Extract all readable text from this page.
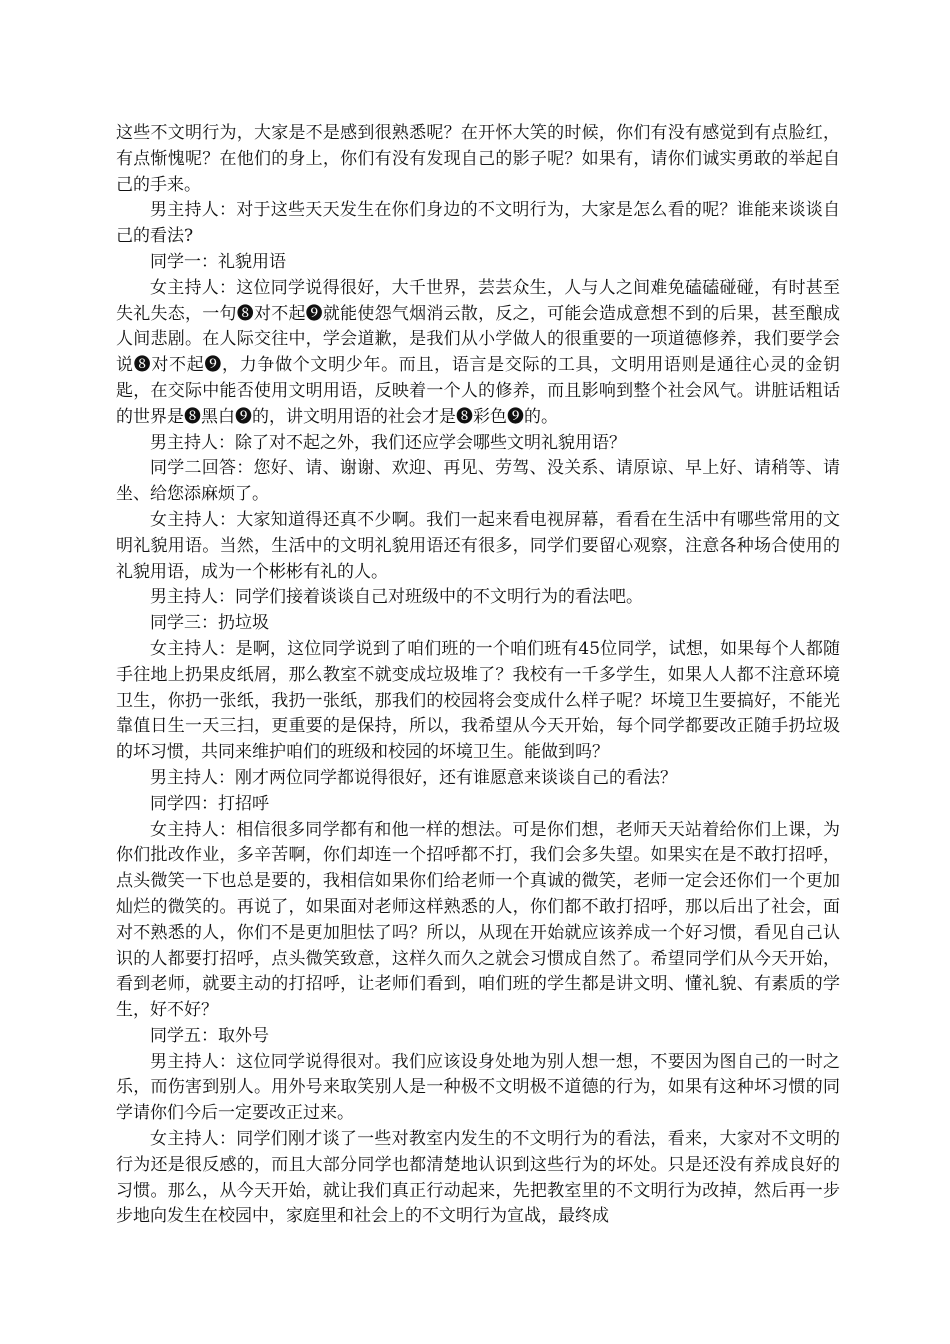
这些不文明行为，大家是不是感到很熟悉呢？在开怀大笑的时候，你们有没有感觉到有点脸红，有点惭愧呢？在他们的身上，你们有没有发现自己的影子呢？如果有，请你们诚实勇敢的举起自己的手来。

男主持人：对于这些天天发生在你们身边的不文明行为，大家是怎么看的呢？谁能来谈谈自己的看法?

同学一：礼貌用语

女主持人：这位同学说得很好，大千世界，芸芸众生，人与人之间难免磕磕碰碰，有时甚至失礼失态，一句❽对不起❾就能使怨气烟消云散，反之，可能会造成意想不到的后果，甚至酿成人间悲剧。在人际交往中，学会道歉，是我们从小学做人的很重要的一项道德修养，我们要学会说❽对不起❾，力争做个文明少年。而且，语言是交际的工具，文明用语则是通往心灵的金钥匙，在交际中能否使用文明用语，反映着一个人的修养，而且影响到整个社会风气。讲脏话粗话的世界是❽黑白❾的，讲文明用语的社会才是❽彩色❾的。

男主持人：除了对不起之外，我们还应学会哪些文明礼貌用语？

同学二回答：您好、请、谢谢、欢迎、再见、劳驾、没关系、请原谅、早上好、请稍等、请坐、给您添麻烦了。

女主持人：大家知道得还真不少啊。我们一起来看电视屏幕，看看在生活中有哪些常用的文明礼貌用语。当然，生活中的文明礼貌用语还有很多，同学们要留心观察，注意各种场合使用的礼貌用语，成为一个彬彬有礼的人。

男主持人：同学们接着谈谈自己对班级中的不文明行为的看法吧。

同学三：扔垃圾

女主持人：是啊，这位同学说到了咱们班的一个咱们班有45位同学，试想，如果每个人都随手往地上扔果皮纸屑，那么教室不就变成垃圾堆了？我校有一千多学生，如果人人都不注意环境卫生，你扔一张纸，我扔一张纸，那我们的校园将会变成什么样子呢？坏境卫生要搞好，不能光靠值日生一天三扫，更重要的是保持，所以，我希望从今天开始，每个同学都要改正随手扔垃圾的坏习惯，共同来维护咱们的班级和校园的坏境卫生。能做到吗？

男主持人：刚才两位同学都说得很好，还有谁愿意来谈谈自己的看法？

同学四：打招呼

女主持人：相信很多同学都有和他一样的想法。可是你们想，老师天天站着给你们上课，为你们批改作业，多辛苦啊，你们却连一个招呼都不打，我们会多失望。如果实在是不敢打招呼，点头微笑一下也总是要的，我相信如果你们给老师一个真诚的微笑，老师一定会还你们一个更加灿烂的微笑的。再说了，如果面对老师这样熟悉的人，你们都不敢打招呼，那以后出了社会，面对不熟悉的人，你们不是更加胆怯了吗？所以，从现在开始就应该养成一个好习惯，看见自己认识的人都要打招呼，点头微笑致意，这样久而久之就会习惯成自然了。希望同学们从今天开始，看到老师，就要主动的打招呼，让老师们看到，咱们班的学生都是讲文明、懂礼貌、有素质的学生，好不好？

同学五：取外号

男主持人：这位同学说得很对。我们应该设身处地为别人想一想，不要因为图自己的一时之乐，而伤害到别人。用外号来取笑别人是一种极不文明极不道德的行为，如果有这种坏习惯的同学请你们今后一定要改正过来。

女主持人：同学们刚才谈了一些对教室内发生的不文明行为的看法，看来，大家对不文明的行为还是很反感的，而且大部分同学也都清楚地认识到这些行为的坏处。只是还没有养成良好的习惯。那么，从今天开始，就让我们真正行动起来，先把教室里的不文明行为改掉，然后再一步步地向发生在校园中，家庭里和社会上的不文明行为宣战，最终成
